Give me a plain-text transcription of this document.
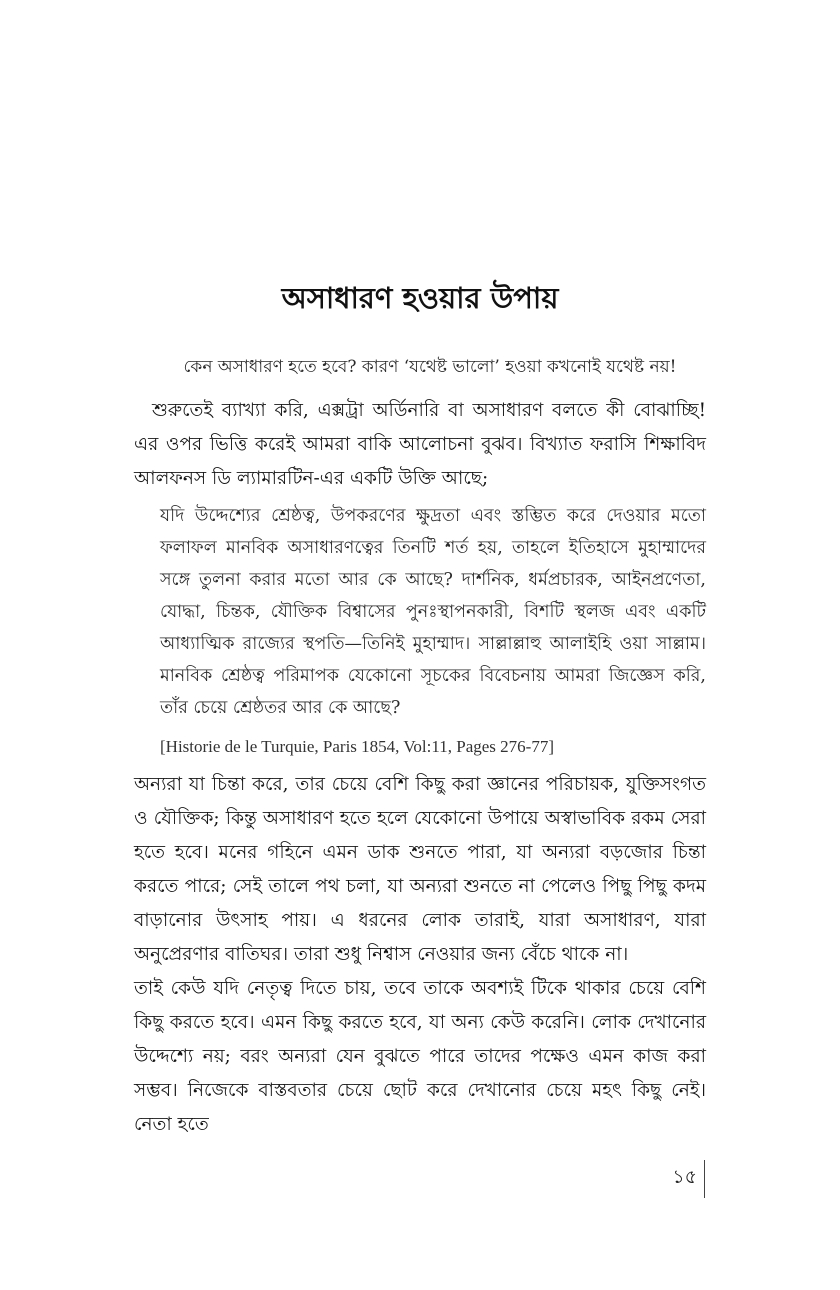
অসাধারণ হওয়ার উপায়

কেন অসাধারণ হতে হবে? কারণ ‘যথেষ্ট ভালো’ হওয়া কখনোই যথেষ্ট নয়!

শুরুতেই ব্যাখ্যা করি, এক্সট্রা অর্ডিনারি বা অসাধারণ বলতে কী বোঝাচ্ছি! এর ওপর ভিত্তি করেই আমরা বাকি আলোচনা বুঝব। বিখ্যাত ফরাসি শিক্ষাবিদ আলফনস ডি ল্যামারটিন-এর একটি উক্তি আছে;

যদি উদ্দেশ্যের শ্রেষ্ঠত্ব, উপকরণের ক্ষুদ্রতা এবং স্তম্ভিত করে দেওয়ার মতো ফলাফল মানবিক অসাধারণত্বের তিনটি শর্ত হয়, তাহলে ইতিহাসে মুহাম্মাদের সঙ্গে তুলনা করার মতো আর কে আছে? দার্শনিক, ধর্মপ্রচারক, আইনপ্রণেতা, যোদ্ধা, চিন্তক, যৌক্তিক বিশ্বাসের পুনঃস্থাপনকারী, বিশটি স্থলজ এবং একটি আধ্যাত্মিক রাজ্যের স্থপতি—তিনিই মুহাম্মাদ। সাল্লাল্লাহু আলাইহি ওয়া সাল্লাম। মানবিক শ্রেষ্ঠত্ব পরিমাপক যেকোনো সূচকের বিবেচনায় আমরা জিজ্ঞেস করি, তাঁর চেয়ে শ্রেষ্ঠতর আর কে আছে?

[Historie de le Turquie, Paris 1854, Vol:11, Pages 276-77]

অন্যরা যা চিন্তা করে, তার চেয়ে বেশি কিছু করা জ্ঞানের পরিচায়ক, যুক্তিসংগত ও যৌক্তিক; কিন্তু অসাধারণ হতে হলে যেকোনো উপায়ে অস্বাভাবিক রকম সেরা হতে হবে। মনের গহিনে এমন ডাক শুনতে পারা, যা অন্যরা বড়জোর চিন্তা করতে পারে; সেই তালে পথ চলা, যা অন্যরা শুনতে না পেলেও পিছু পিছু কদম বাড়ানোর উৎসাহ পায়। এ ধরনের লোক তারাই, যারা অসাধারণ, যারা অনুপ্রেরণার বাতিঘর। তারা শুধু নিশ্বাস নেওয়ার জন্য বেঁচে থাকে না।

তাই কেউ যদি নেতৃত্ব দিতে চায়, তবে তাকে অবশ্যই টিকে থাকার চেয়ে বেশি কিছু করতে হবে। এমন কিছু করতে হবে, যা অন্য কেউ করেনি। লোক দেখানোর উদ্দেশ্যে নয়; বরং অন্যরা যেন বুঝতে পারে তাদের পক্ষেও এমন কাজ করা সম্ভব। নিজেকে বাস্তবতার চেয়ে ছোট করে দেখানোর চেয়ে মহৎ কিছু নেই। নেতা হতে

১৫
